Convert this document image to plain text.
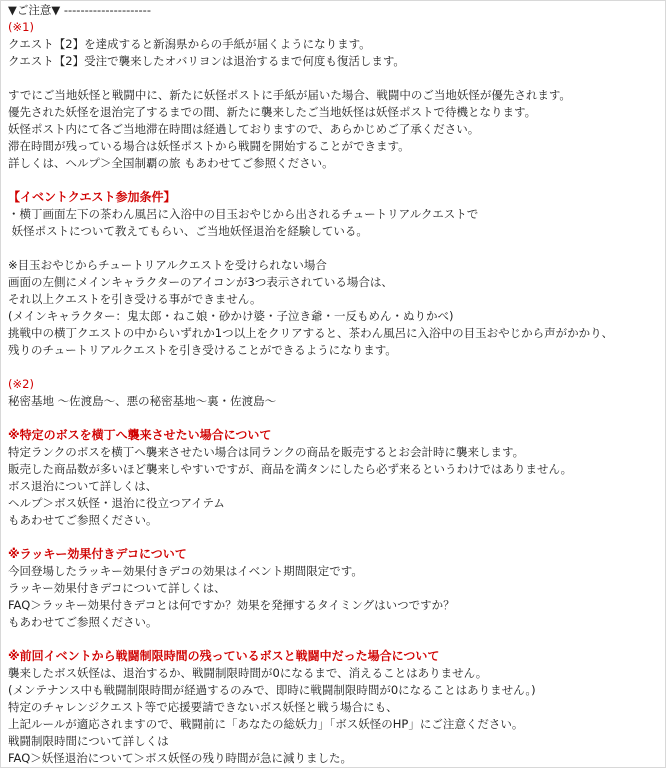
▼ご注意▼ ---------------------
(※1)
クエスト【2】を達成すると新潟県からの手紙が届くようになります。
クエスト【2】受注で襲来したオバリヨンは退治するまで何度も復活します。
すでにご当地妖怪と戦闘中に、新たに妖怪ポストに手紙が届いた場合、戦闘中のご当地妖怪が優先されます。
優先された妖怪を退治完了するまでの間、新たに襲来したご当地妖怪は妖怪ポストで待機となります。
妖怪ポスト内にて各ご当地滞在時間は経過しておりますので、あらかじめご了承ください。
滞在時間が残っている場合は妖怪ポストから戦闘を開始することができます。
詳しくは、ヘルプ＞全国制覇の旅 もあわせてご参照ください。
【イベントクエスト参加条件】
・横丁画面左下の茶わん風呂に入浴中の目玉おやじから出されるチュートリアルクエストで
妖怪ポストについて教えてもらい、ご当地妖怪退治を経験している。
※目玉おやじからチュートリアルクエストを受けられない場合
画面の左側にメインキャラクターのアイコンが3つ表示されている場合は、
それ以上クエストを引き受ける事ができません。
(メインキャラクター：鬼太郎・ねこ娘・砂かけ婆・子泣き爺・一反もめん・ぬりかべ)
挑戦中の横丁クエストの中からいずれか1つ以上をクリアすると、茶わん風呂に入浴中の目玉おやじから声がかかり、
残りのチュートリアルクエストを引き受けることができるようになります。
(※2)
秘密基地 ～佐渡島～、悪の秘密基地～裏・佐渡島～
※特定のボスを横丁へ襲来させたい場合について
特定ランクのボスを横丁へ襲来させたい場合は同ランクの商品を販売するとお会計時に襲来します。
販売した商品数が多いほど襲来しやすいですが、商品を満タンにしたら必ず来るというわけではありません。
ボス退治について詳しくは、
ヘルプ＞ボス妖怪・退治に役立つアイテム
もあわせてご参照ください。
※ラッキー効果付きデコについて
今回登場したラッキー効果付きデコの効果はイベント期間限定です。
ラッキー効果付きデコについて詳しくは、
FAQ＞ラッキー効果付きデコとは何ですか？効果を発揮するタイミングはいつですか？
もあわせてご参照ください。
※前回イベントから戦闘制限時間の残っているボスと戦闘中だった場合について
襲来したボス妖怪は、退治するか、戦闘制限時間が0になるまで、消えることはありません。
(メンテナンス中も戦闘制限時間が経過するのみで、即時に戦闘制限時間が0になることはありません。)
特定のチャレンジクエスト等で応援要請できないボス妖怪と戦う場合にも、
上記ルールが適応されますので、戦闘前に「あなたの総妖力」「ボス妖怪のHP」にご注意ください。
戦闘制限時間について詳しくは
FAQ＞妖怪退治について＞ボス妖怪の残り時間が急に減りました。
